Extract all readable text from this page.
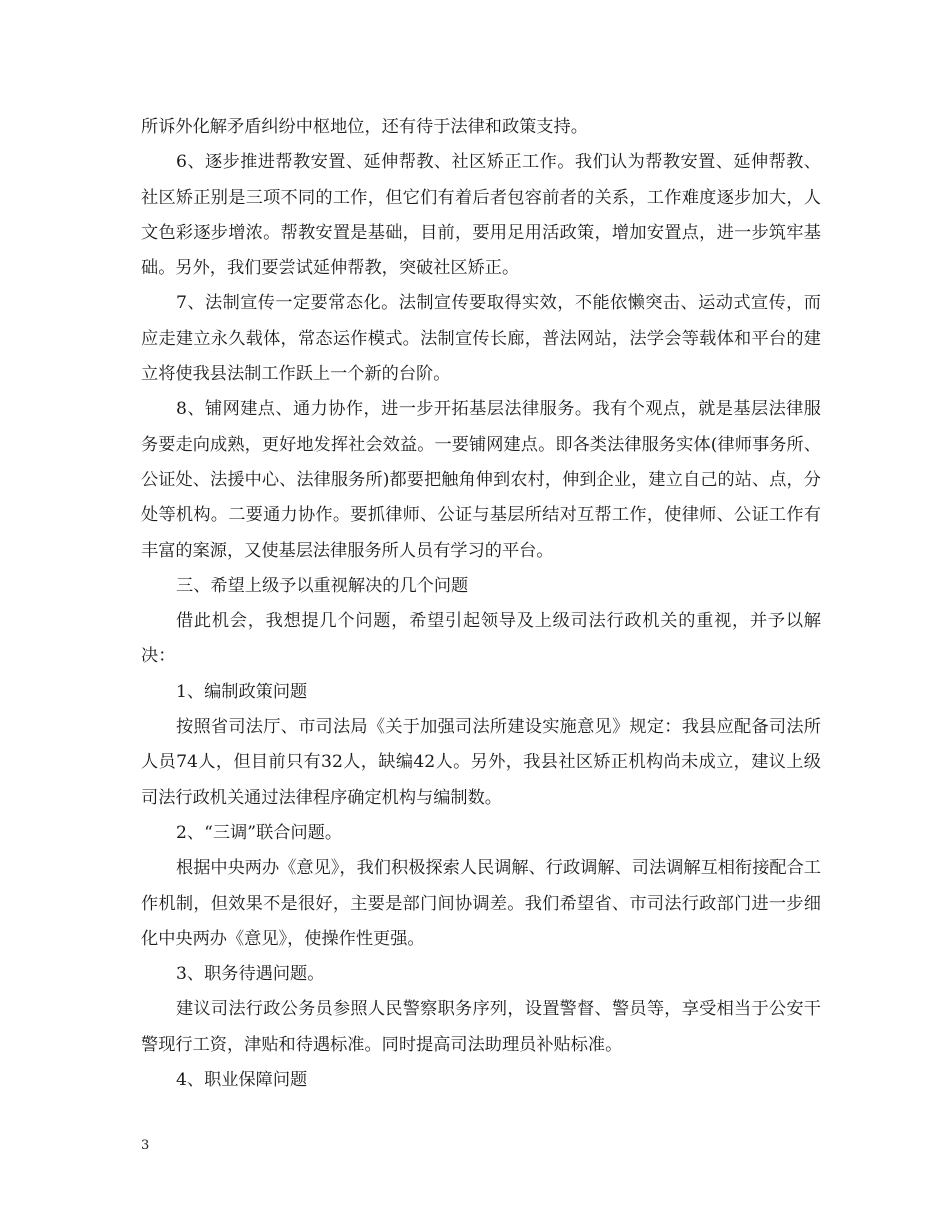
所诉外化解矛盾纠纷中枢地位，还有待于法律和政策支持。

6、逐步推进帮教安置、延伸帮教、社区矫正工作。我们认为帮教安置、延伸帮教、社区矫正别是三项不同的工作，但它们有着后者包容前者的关系，工作难度逐步加大，人文色彩逐步增浓。帮教安置是基础，目前，要用足用活政策，增加安置点，进一步筑牢基础。另外，我们要尝试延伸帮教，突破社区矫正。

7、法制宣传一定要常态化。法制宣传要取得实效，不能依懒突击、运动式宣传，而应走建立永久载体，常态运作模式。法制宣传长廊，普法网站，法学会等载体和平台的建立将使我县法制工作跃上一个新的台阶。

8、铺网建点、通力协作，进一步开拓基层法律服务。我有个观点，就是基层法律服务要走向成熟，更好地发挥社会效益。一要铺网建点。即各类法律服务实体(律师事务所、公证处、法援中心、法律服务所)都要把触角伸到农村，伸到企业，建立自己的站、点，分处等机构。二要通力协作。要抓律师、公证与基层所结对互帮工作，使律师、公证工作有丰富的案源，又使基层法律服务所人员有学习的平台。

三、希望上级予以重视解决的几个问题

借此机会，我想提几个问题，希望引起领导及上级司法行政机关的重视，并予以解决：

1、编制政策问题

按照省司法厅、市司法局《关于加强司法所建设实施意见》规定：我县应配备司法所人员74人，但目前只有32人，缺编42人。另外，我县社区矫正机构尚未成立，建议上级司法行政机关通过法律程序确定机构与编制数。

2、“三调”联合问题。

根据中央两办《意见》，我们积极探索人民调解、行政调解、司法调解互相衔接配合工作机制，但效果不是很好，主要是部门间协调差。我们希望省、市司法行政部门进一步细化中央两办《意见》，使操作性更强。

3、职务待遇问题。

建议司法行政公务员参照人民警察职务序列，设置警督、警员等，享受相当于公安干警现行工资，津贴和待遇标准。同时提高司法助理员补贴标准。

4、职业保障问题

3
